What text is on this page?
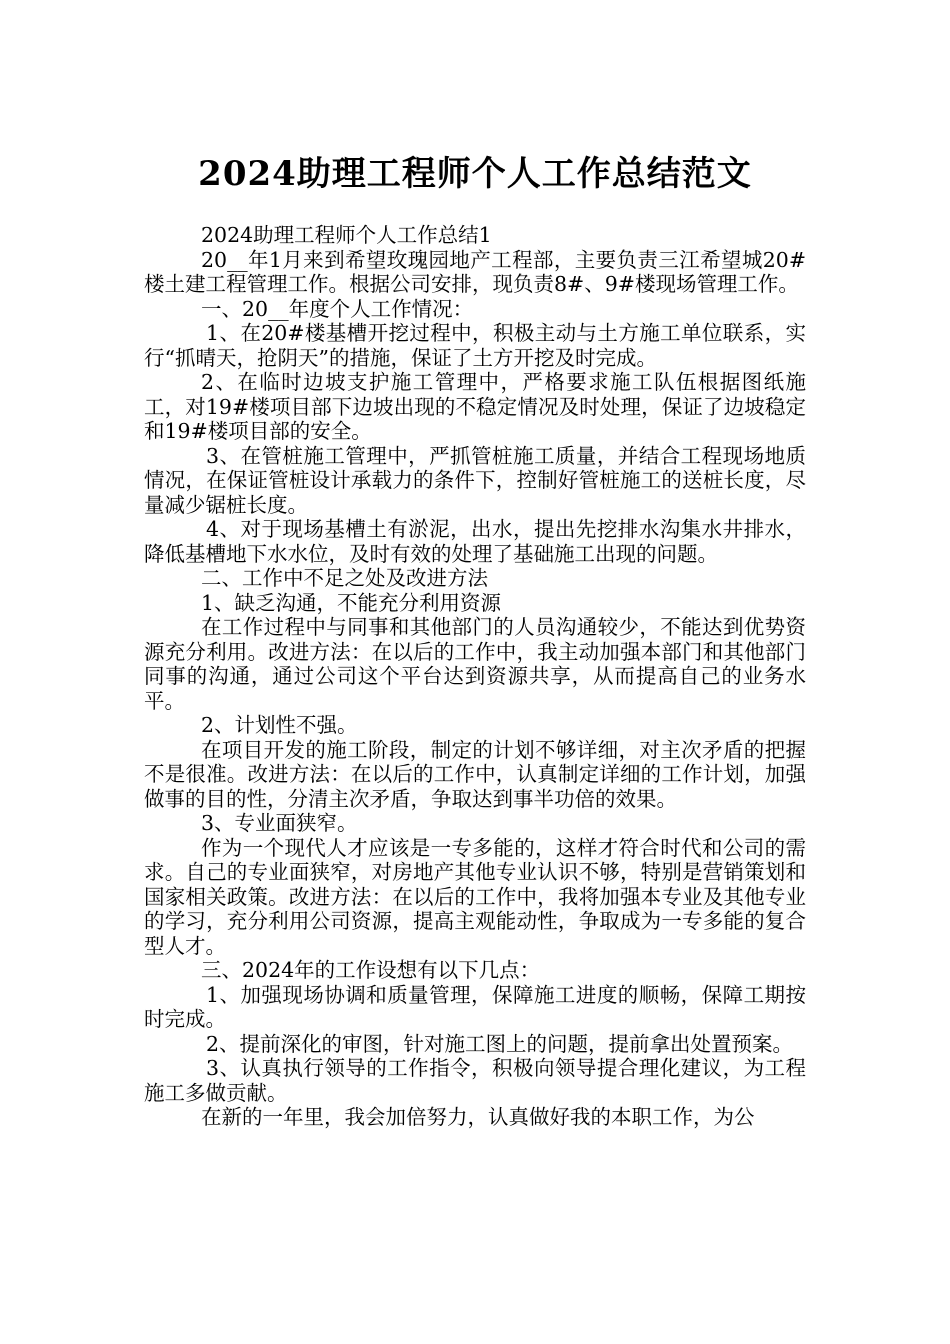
2024助理工程师个人工作总结范文

2024助理工程师个人工作总结1

20__年1月来到希望玫瑰园地产工程部，主要负责三江希望城20#楼土建工程管理工作。根据公司安排，现负责8#、9#楼现场管理工作。

一、20__年度个人工作情况：

1、在20#楼基槽开挖过程中，积极主动与土方施工单位联系，实行“抓晴天，抢阴天”的措施，保证了土方开挖及时完成。

2、在临时边坡支护施工管理中，严格要求施工队伍根据图纸施工，对19#楼项目部下边坡出现的不稳定情况及时处理，保证了边坡稳定和19#楼项目部的安全。

3、在管桩施工管理中，严抓管桩施工质量，并结合工程现场地质情况，在保证管桩设计承载力的条件下，控制好管桩施工的送桩长度，尽量减少锯桩长度。

4、对于现场基槽土有淤泥，出水，提出先挖排水沟集水井排水，降低基槽地下水水位，及时有效的处理了基础施工出现的问题。

二、工作中不足之处及改进方法

1、缺乏沟通，不能充分利用资源

在工作过程中与同事和其他部门的人员沟通较少，不能达到优势资源充分利用。改进方法：在以后的工作中，我主动加强本部门和其他部门同事的沟通，通过公司这个平台达到资源共享，从而提高自己的业务水平。

2、计划性不强。

在项目开发的施工阶段，制定的计划不够详细，对主次矛盾的把握不是很准。改进方法：在以后的工作中，认真制定详细的工作计划，加强做事的目的性，分清主次矛盾，争取达到事半功倍的效果。

3、专业面狭窄。

作为一个现代人才应该是一专多能的，这样才符合时代和公司的需求。自己的专业面狭窄，对房地产其他专业认识不够，特别是营销策划和国家相关政策。改进方法：在以后的工作中，我将加强本专业及其他专业的学习，充分利用公司资源，提高主观能动性，争取成为一专多能的复合型人才。

三、2024年的工作设想有以下几点：

1、加强现场协调和质量管理，保障施工进度的顺畅，保障工期按时完成。

2、提前深化的审图，针对施工图上的问题，提前拿出处置预案。

3、认真执行领导的工作指令，积极向领导提合理化建议，为工程施工多做贡献。

在新的一年里，我会加倍努力，认真做好我的本职工作，为公
